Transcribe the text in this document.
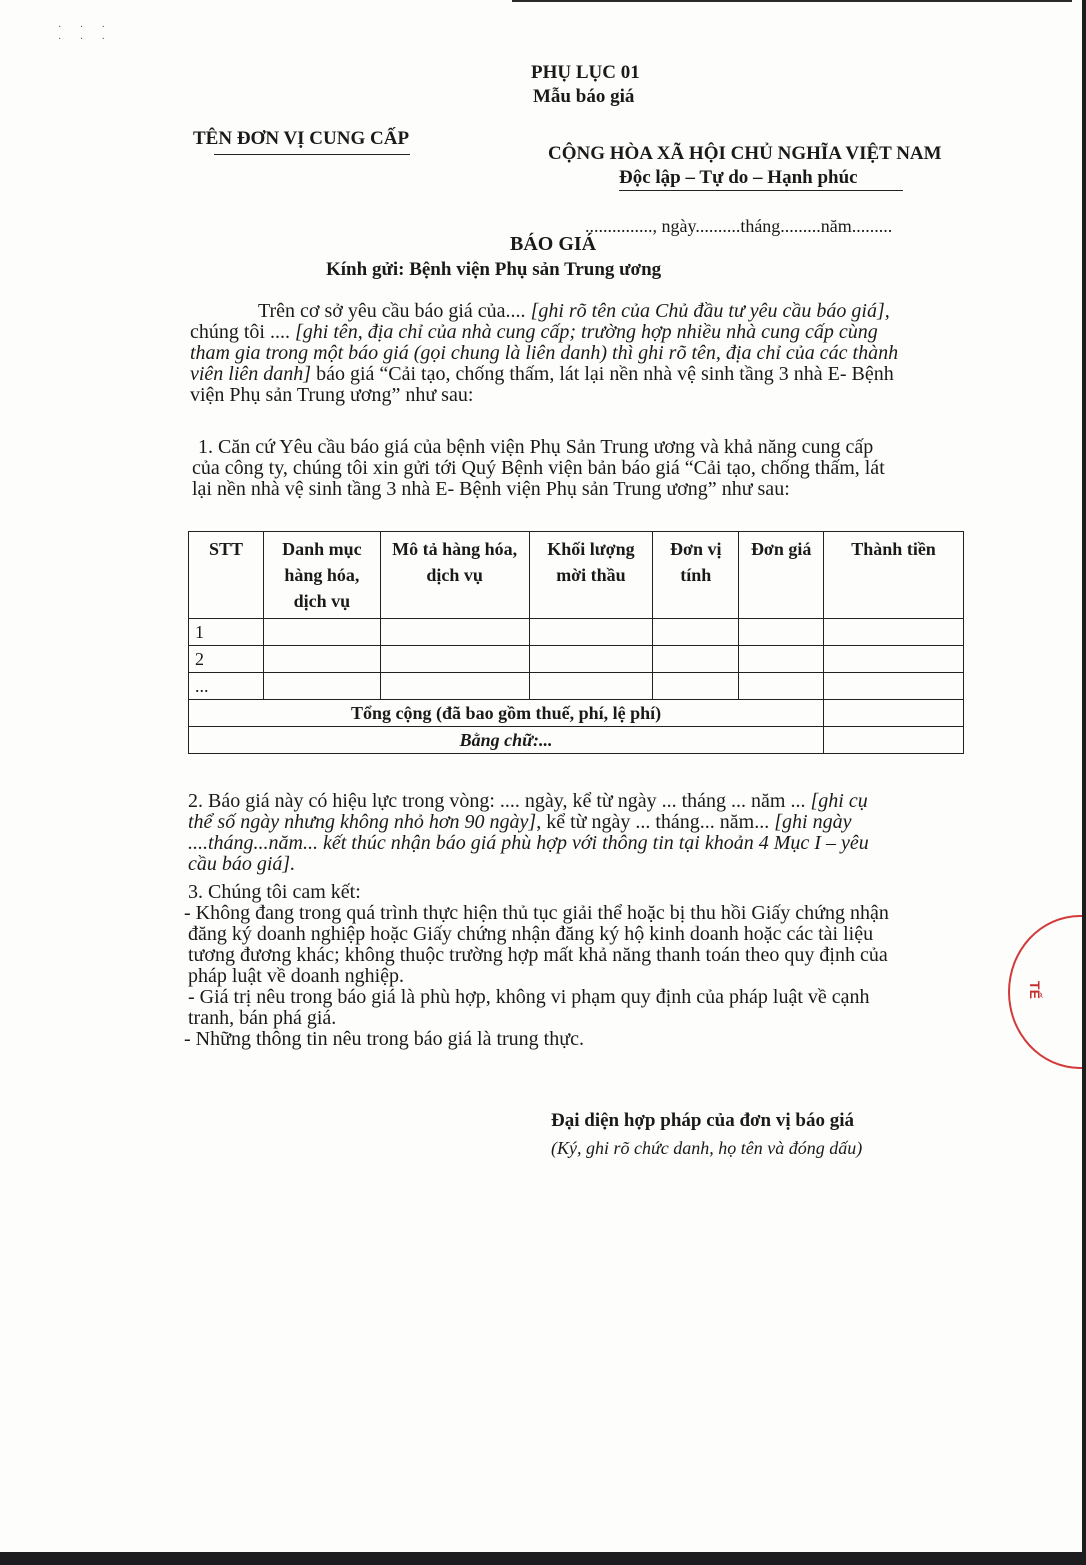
· · ·
· · ·
PHỤ LỤC 01
Mẫu báo giá
TÊN ĐƠN VỊ CUNG CẤP
CỘNG HÒA XÃ HỘI CHỦ NGHĨA VIỆT NAM
Độc lập – Tự do – Hạnh phúc
..............., ngày..........tháng.........năm.........
BÁO GIÁ
Kính gửi: Bệnh viện Phụ sản Trung ương
Trên cơ sở yêu cầu báo giá của.... [ghi rõ tên của Chủ đầu tư yêu cầu báo giá],
chúng tôi .... [ghi tên, địa chỉ của nhà cung cấp; trường hợp nhiều nhà cung cấp cùng
tham gia trong một báo giá (gọi chung là liên danh) thì ghi rõ tên, địa chỉ của các thành
viên liên danh] báo giá “Cải tạo, chống thấm, lát lại nền nhà vệ sinh tầng 3 nhà E- Bệnh
viện Phụ sản Trung ương” như sau:
1. Căn cứ Yêu cầu báo giá của bệnh viện Phụ Sản Trung ương và khả năng cung cấp
của công ty, chúng tôi xin gửi tới Quý Bệnh viện bản báo giá “Cải tạo, chống thấm, lát
lại nền nhà vệ sinh tầng 3 nhà E- Bệnh viện Phụ sản Trung ương” như sau:
STT	Danh mục hàng hóa, dịch vụ	Mô tả hàng hóa, dịch vụ	Khối lượng mời thầu	Đơn vị tính	Đơn giá	Thành tiền
1						
2						
...						
Tổng cộng (đã bao gồm thuế, phí, lệ phí)						
Bằng chữ:...						
2. Báo giá này có hiệu lực trong vòng: .... ngày, kể từ ngày ... tháng ... năm ... [ghi cụ
thể số ngày nhưng không nhỏ hơn 90 ngày], kể từ ngày ... tháng... năm... [ghi ngày
....tháng...năm... kết thúc nhận báo giá phù hợp với thông tin tại khoản 4 Mục I – yêu
cầu báo giá].
3. Chúng tôi cam kết:
- Không đang trong quá trình thực hiện thủ tục giải thể hoặc bị thu hồi Giấy chứng nhận
đăng ký doanh nghiệp hoặc Giấy chứng nhận đăng ký hộ kinh doanh hoặc các tài liệu
tương đương khác; không thuộc trường hợp mất khả năng thanh toán theo quy định của
pháp luật về doanh nghiệp.
- Giá trị nêu trong báo giá là phù hợp, không vi phạm quy định của pháp luật về cạnh
tranh, bán phá giá.
- Những thông tin nêu trong báo giá là trung thực.
Đại diện hợp pháp của đơn vị báo giá
(Ký, ghi rõ chức danh, họ tên và đóng dấu)
TẾ
